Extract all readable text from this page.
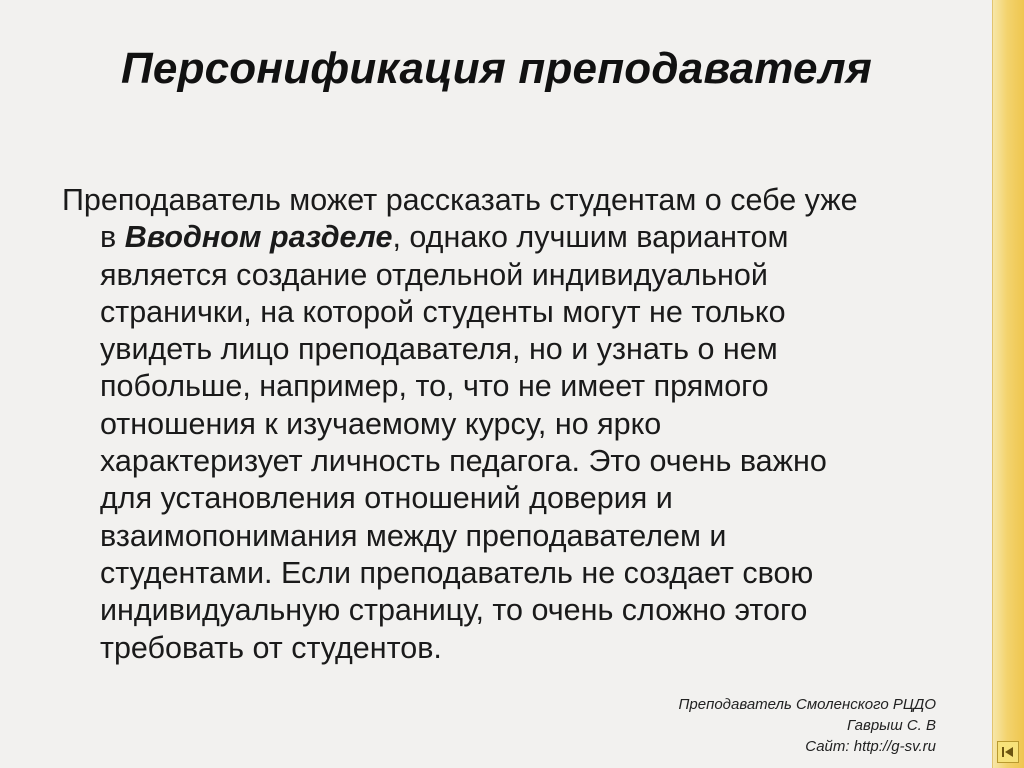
Персонификация преподавателя
Преподаватель может рассказать студентам о себе уже
в Вводном разделе, однако лучшим вариантом
является создание отдельной индивидуальной
странички, на которой студенты могут не только
увидеть лицо преподавателя, но и узнать о нем
побольше, например, то, что не имеет прямого
отношения к изучаемому курсу, но ярко
характеризует личность педагога. Это очень важно
для установления отношений доверия и
взаимопонимания между преподавателем и
студентами. Если преподаватель не создает свою
индивидуальную страницу, то очень сложно этого
требовать от студентов.
Преподаватель Смоленского РЦДО
Гаврыш С. В
Сайт: http://g-sv.ru
